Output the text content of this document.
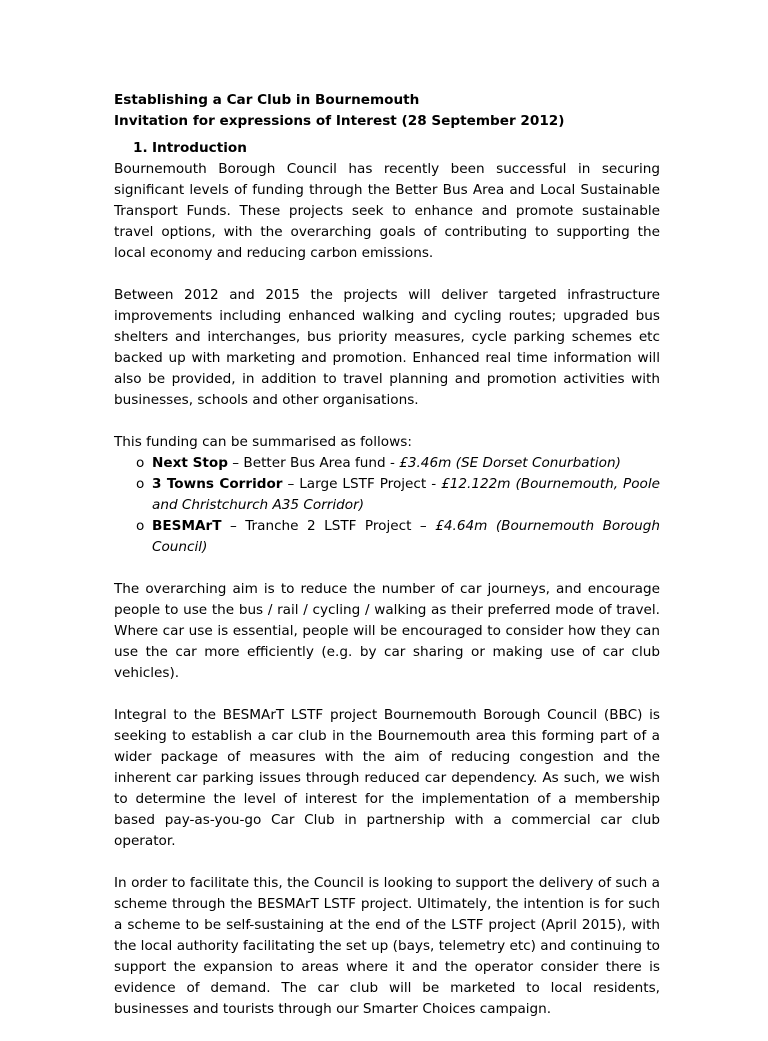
Establishing a Car Club in Bournemouth
Invitation for expressions of Interest (28 September 2012)
1. Introduction

Bournemouth Borough Council has recently been successful in securing significant levels of funding through the Better Bus Area and Local Sustainable Transport Funds. These projects seek to enhance and promote sustainable travel options, with the overarching goals of contributing to supporting the local economy and reducing carbon emissions.

Between 2012 and 2015 the projects will deliver targeted infrastructure improvements including enhanced walking and cycling routes; upgraded bus shelters and interchanges, bus priority measures, cycle parking schemes etc backed up with marketing and promotion. Enhanced real time information will also be provided, in addition to travel planning and promotion activities with businesses, schools and other organisations.

This funding can be summarised as follows:
o Next Stop – Better Bus Area fund - £3.46m (SE Dorset Conurbation)
o 3 Towns Corridor – Large LSTF Project - £12.122m (Bournemouth, Poole and Christchurch A35 Corridor)
o BESMArT – Tranche 2 LSTF Project – £4.64m (Bournemouth Borough Council)

The overarching aim is to reduce the number of car journeys, and encourage people to use the bus / rail / cycling / walking as their preferred mode of travel. Where car use is essential, people will be encouraged to consider how they can use the car more efficiently (e.g. by car sharing or making use of car club vehicles).

Integral to the BESMArT LSTF project Bournemouth Borough Council (BBC) is seeking to establish a car club in the Bournemouth area this forming part of a wider package of measures with the aim of reducing congestion and the inherent car parking issues through reduced car dependency. As such, we wish to determine the level of interest for the implementation of a membership based pay-as-you-go Car Club in partnership with a commercial car club operator.

In order to facilitate this, the Council is looking to support the delivery of such a scheme through the BESMArT LSTF project. Ultimately, the intention is for such a scheme to be self-sustaining at the end of the LSTF project (April 2015), with the local authority facilitating the set up (bays, telemetry etc) and continuing to support the expansion to areas where it and the operator consider there is evidence of demand. The car club will be marketed to local residents, businesses and tourists through our Smarter Choices campaign.
